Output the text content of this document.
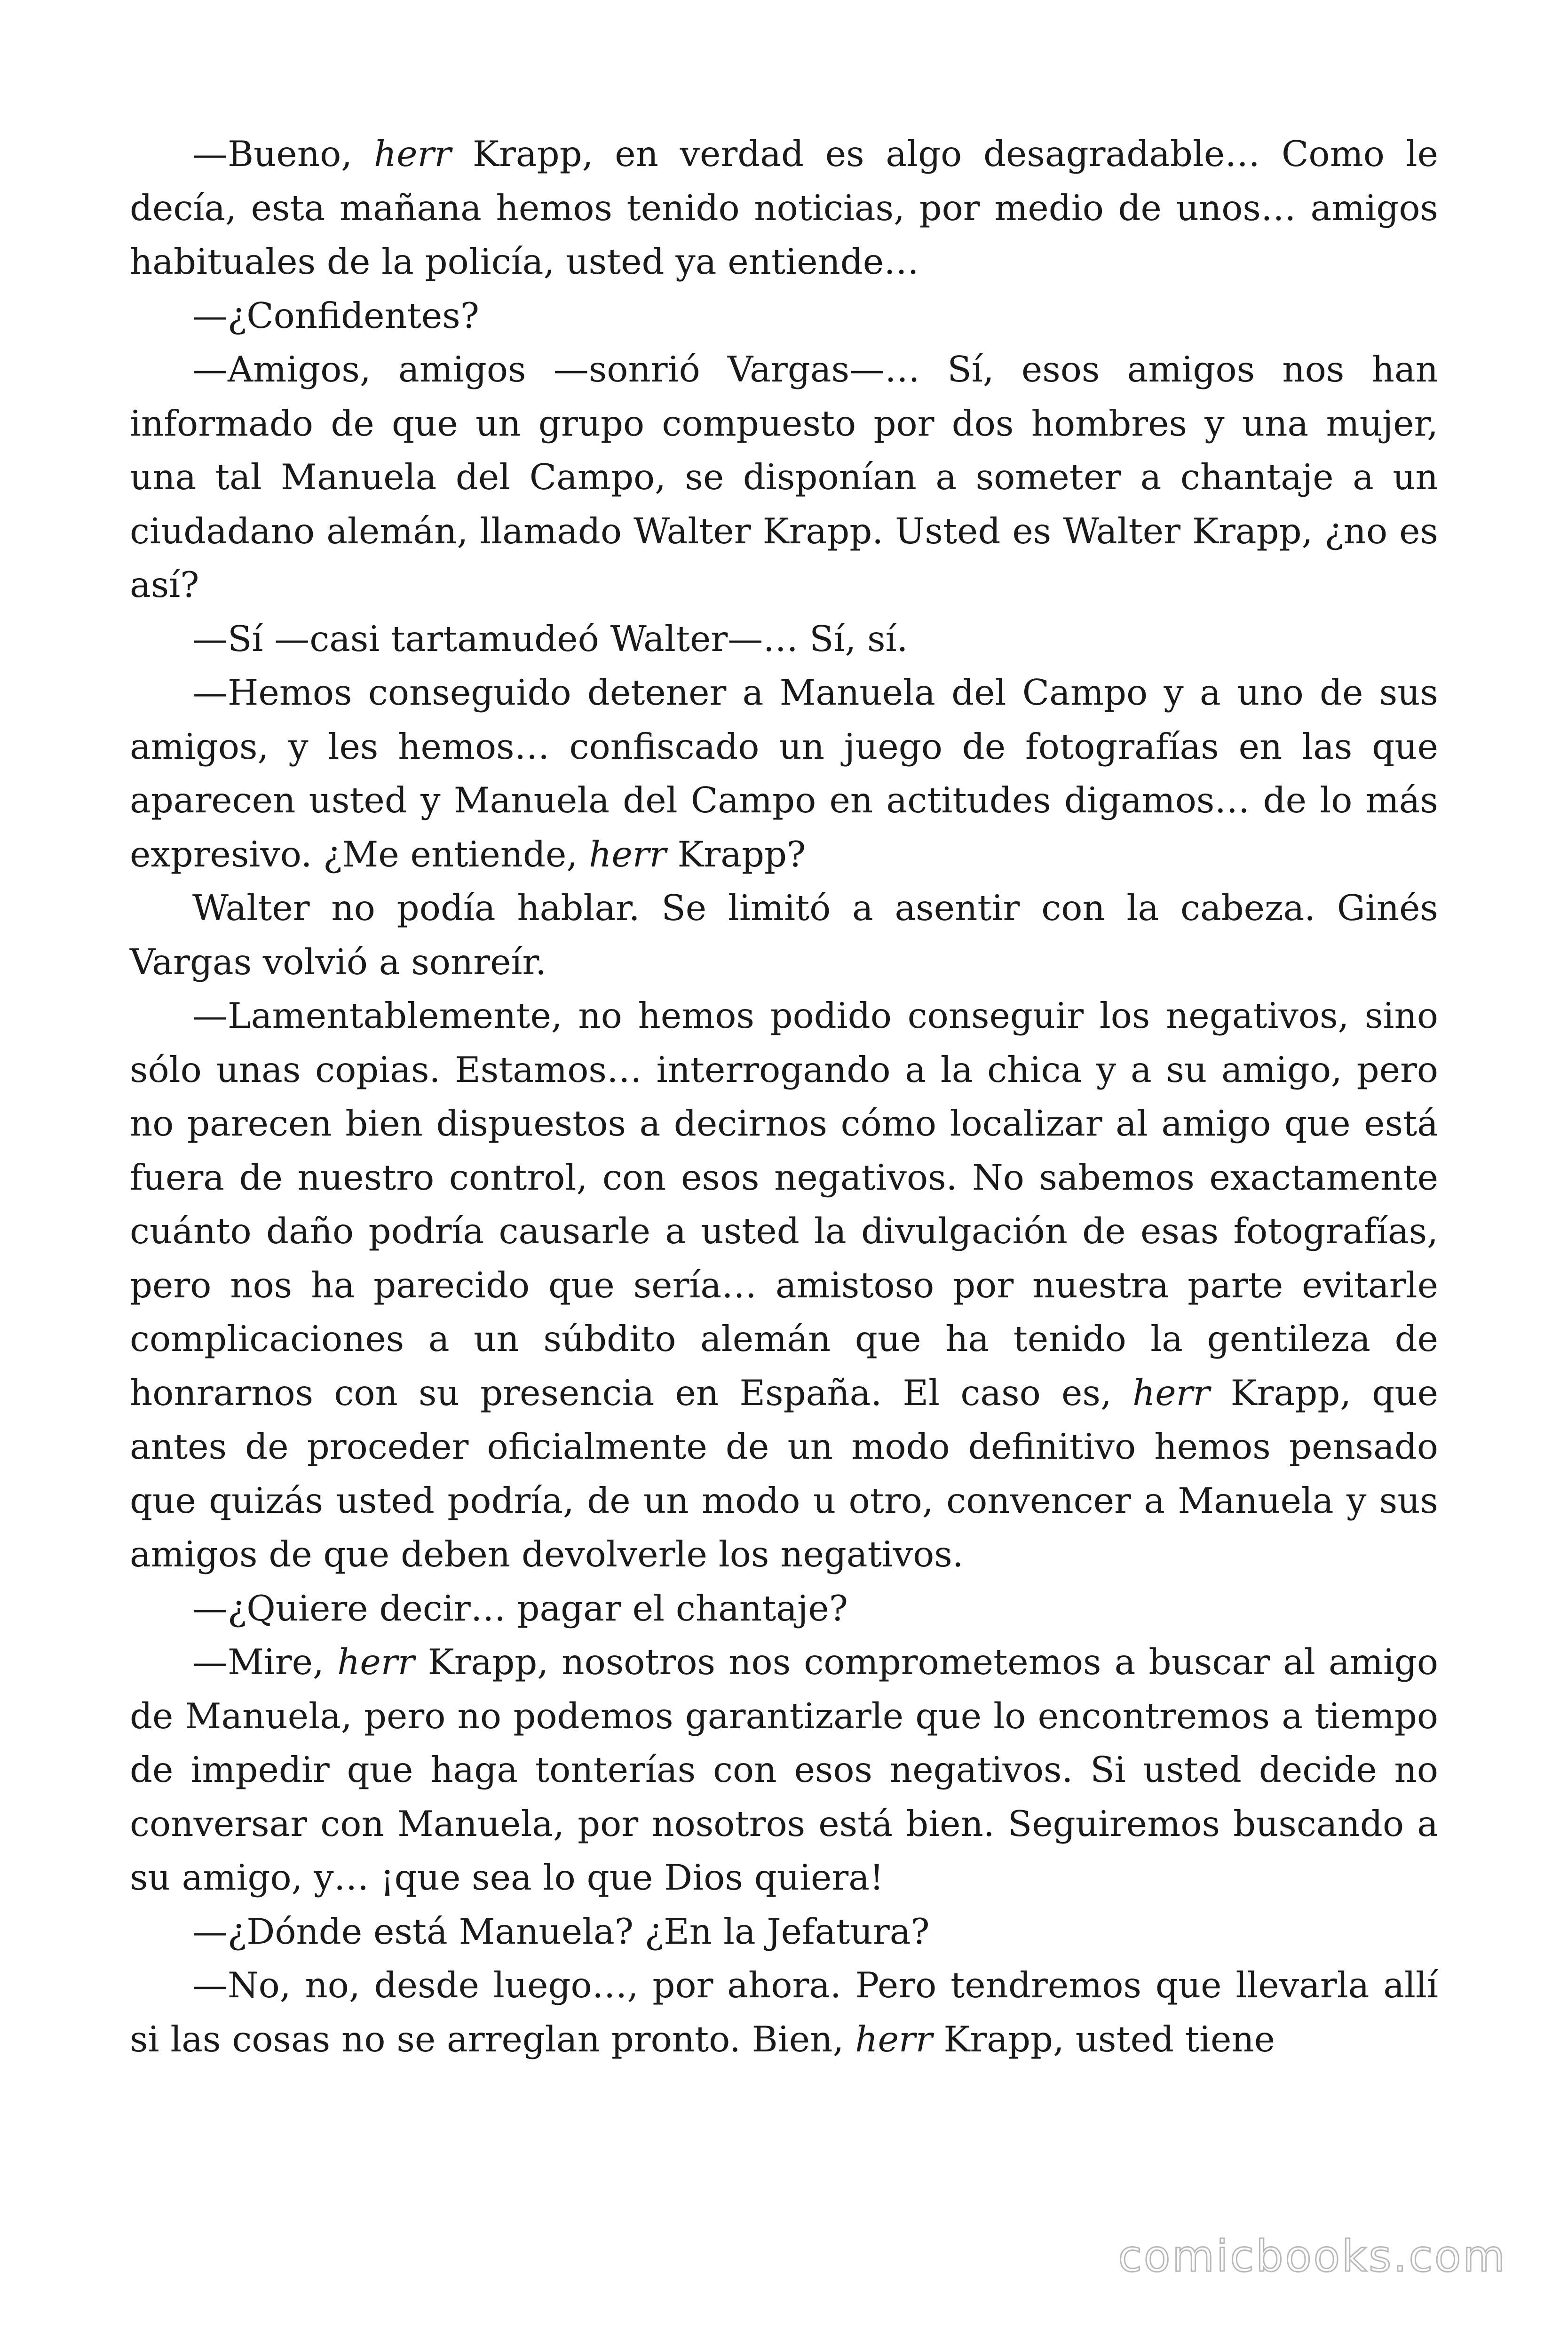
—Bueno, herr Krapp, en verdad es algo desagradable… Como le decía, esta mañana hemos tenido noticias, por medio de unos… amigos habituales de la policía, usted ya entiende…

—¿Confidentes?

—Amigos, amigos —sonrió Vargas—… Sí, esos amigos nos han informado de que un grupo compuesto por dos hombres y una mujer, una tal Manuela del Campo, se disponían a someter a chantaje a un ciudadano alemán, llamado Walter Krapp. Usted es Walter Krapp, ¿no es así?

—Sí —casi tartamudeó Walter—… Sí, sí.

—Hemos conseguido detener a Manuela del Campo y a uno de sus amigos, y les hemos… confiscado un juego de fotografías en las que aparecen usted y Manuela del Campo en actitudes digamos… de lo más expresivo. ¿Me entiende, herr Krapp?

Walter no podía hablar. Se limitó a asentir con la cabeza. Ginés Vargas volvió a sonreír.

—Lamentablemente, no hemos podido conseguir los negativos, sino sólo unas copias. Estamos… interrogando a la chica y a su amigo, pero no parecen bien dispuestos a decirnos cómo localizar al amigo que está fuera de nuestro control, con esos negativos. No sabemos exactamente cuánto daño podría causarle a usted la divulgación de esas fotografías, pero nos ha parecido que sería… amistoso por nuestra parte evitarle complicaciones a un súbdito alemán que ha tenido la gentileza de honrarnos con su presencia en España. El caso es, herr Krapp, que antes de proceder oficialmente de un modo definitivo hemos pensado que quizás usted podría, de un modo u otro, convencer a Manuela y sus amigos de que deben devolverle los negativos.

—¿Quiere decir… pagar el chantaje?

—Mire, herr Krapp, nosotros nos comprometemos a buscar al amigo de Manuela, pero no podemos garantizarle que lo encontremos a tiempo de impedir que haga tonterías con esos negativos. Si usted decide no conversar con Manuela, por nosotros está bien. Seguiremos buscando a su amigo, y… ¡que sea lo que Dios quiera!

—¿Dónde está Manuela? ¿En la Jefatura?

—No, no, desde luego…, por ahora. Pero tendremos que llevarla allí si las cosas no se arreglan pronto. Bien, herr Krapp, usted tiene

comicbooks.com
